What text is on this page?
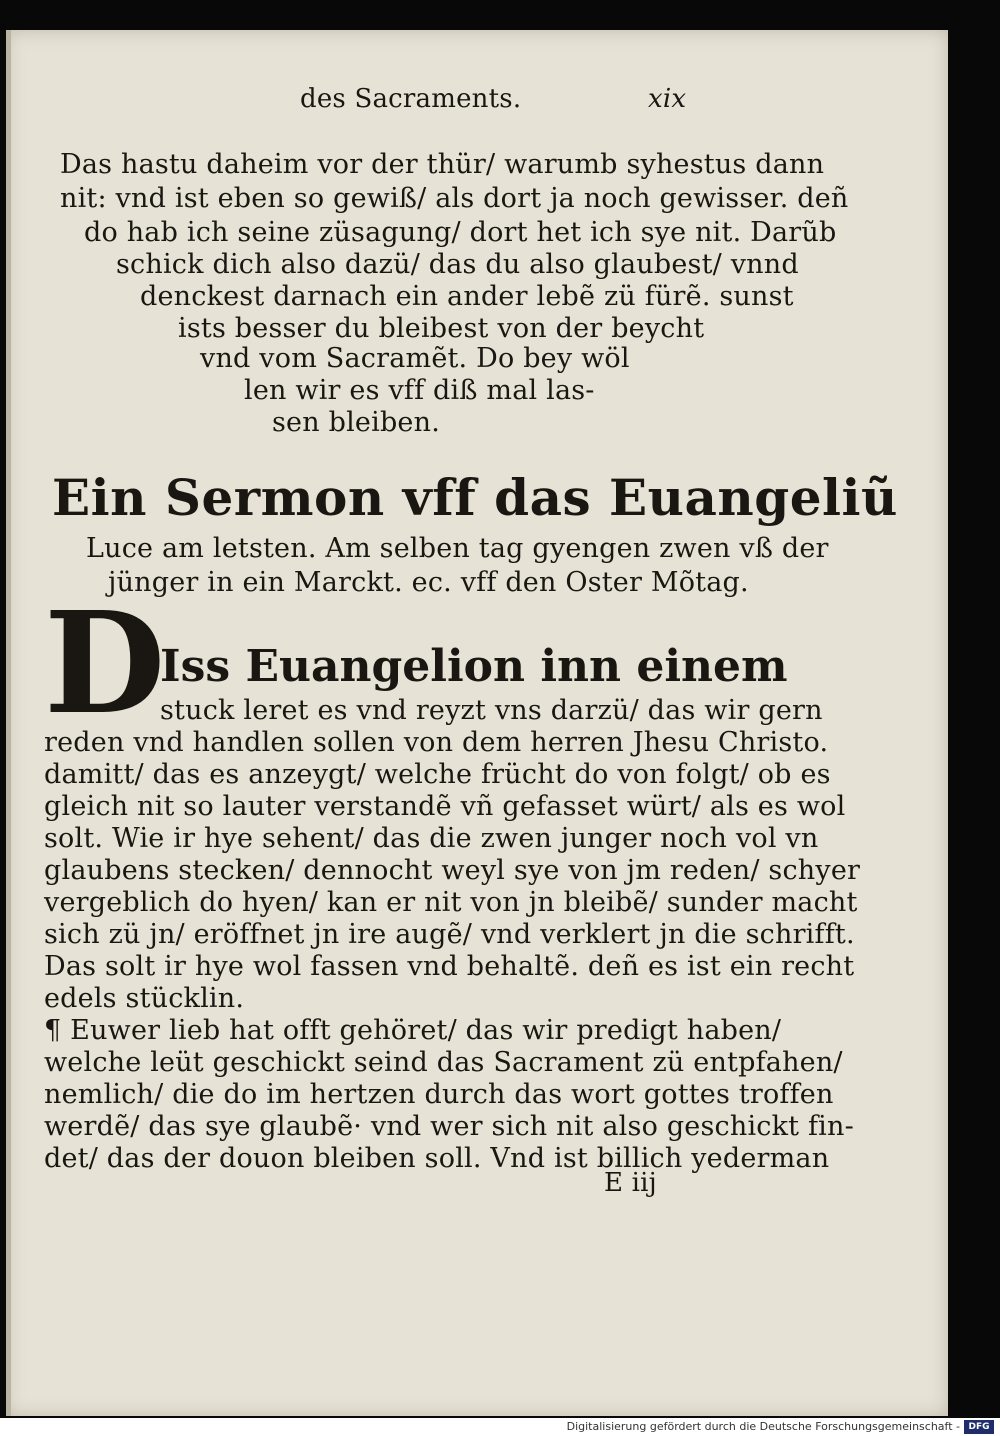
des Sacraments.	xix
Das hastu daheim vor der thür/ warumb syhestus dann
nit: vnd ist eben so gewiß/ als dort ja noch gewisser. deñ
do hab ich seine züsagung/ dort het ich sye nit. Darũb
schick dich also dazü/ das du also glaubest/ vnnd
denckest darnach ein ander lebẽ zü fürẽ. sunst
ists besser du bleibest von der beycht
vnd vom Sacramẽt. Do bey wöl
len wir es vff diß mal las-
sen bleiben.
Ein Sermon vff das Euangeliũ
Luce am letsten. Am selben tag gyengen zwen vß der
jünger in ein Marckt. ec. vff den Oster Mõtag.
D
Iss Euangelion inn einem
stuck leret es vnd reyzt vns darzü/ das wir gern
reden vnd handlen sollen von dem herren Jhesu Christo.
damitt/ das es anzeygt/ welche frücht do von folgt/ ob es
gleich nit so lauter verstandẽ vñ gefasset würt/ als es wol
solt. Wie ir hye sehent/ das die zwen junger noch vol vn
glaubens stecken/ dennocht weyl sye von jm reden/ schyer
vergeblich do hyen/ kan er nit von jn bleibẽ/ sunder macht
sich zü jn/ eröffnet jn ire augẽ/ vnd verklert jn die schrifft.
Das solt ir hye wol fassen vnd behaltẽ. deñ es ist ein recht
edels stücklin.
¶ Euwer lieb hat offt gehöret/ das wir predigt haben/
welche leüt geschickt seind das Sacrament zü entpfahen/
nemlich/ die do im hertzen durch das wort gottes troffen
werdẽ/ das sye glaubẽ· vnd wer sich nit also geschickt fin-
det/ das der douon bleiben soll. Vnd ist billich yederman
E iij
Digitalisierung gefördert durch die Deutsche Forschungsgemeinschaft - DFG
